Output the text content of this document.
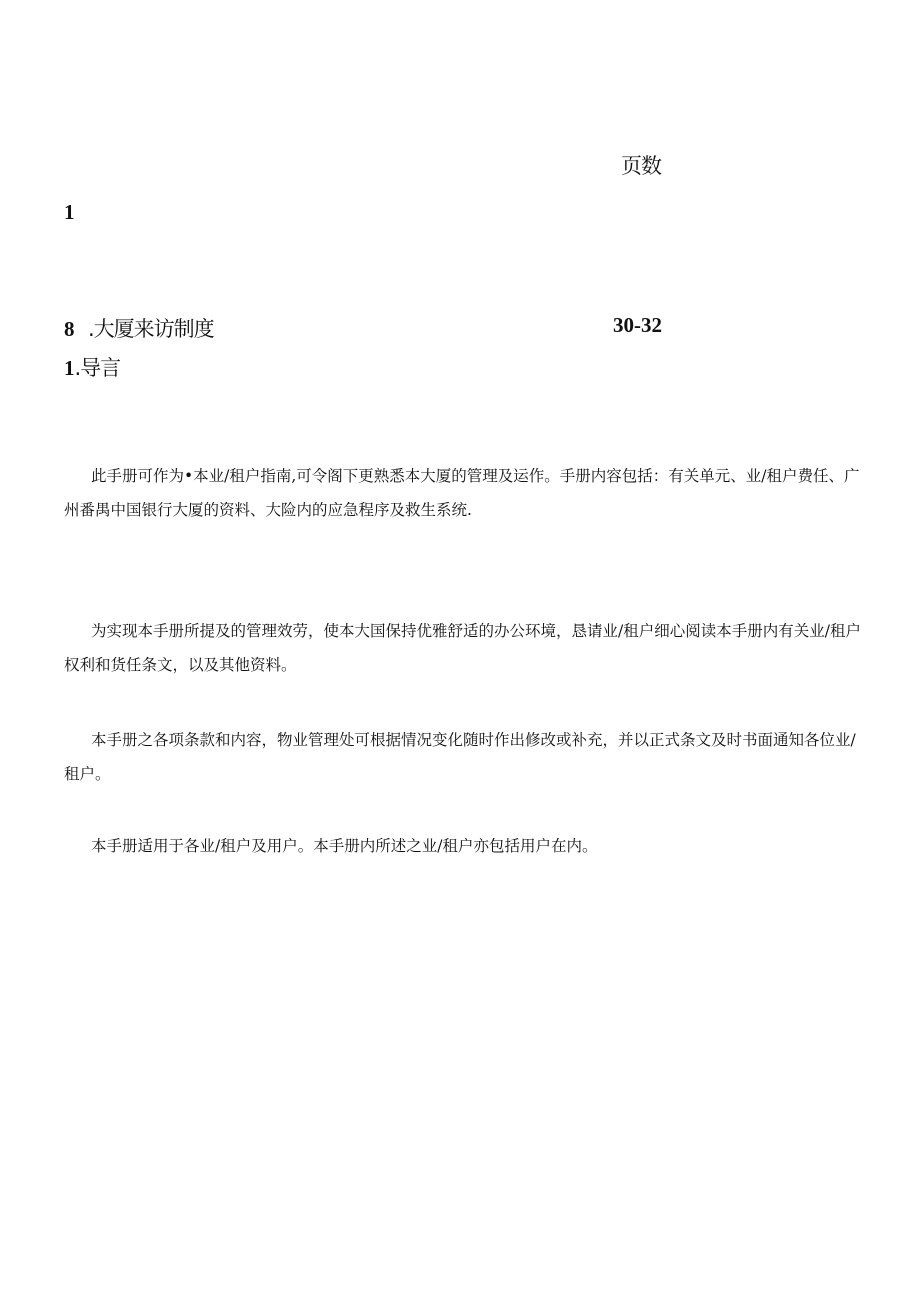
页数
1
8 .大厦来访制度	30-32
1 .导言

此手册可作为•本业/租户指南,可令阁下更熟悉本大厦的管理及运作。手册内容包括：有关单元、业/租户费任、广州番禺中国银行大厦的资料、大险内的应急程序及救生系统.

为实现本手册所提及的管理效劳，使本大国保持优雅舒适的办公环境，恳请业/租户细心阅读本手册内有关业/租户权利和货任条文，以及其他资料。

本手册之各项条款和内容，物业管理处可根据情况变化随时作出修改或补充，并以正式条文及时书面通知各位业/租户。

本手册适用于各业/租户及用户。本手册内所述之业/租户亦包括用户在内。
